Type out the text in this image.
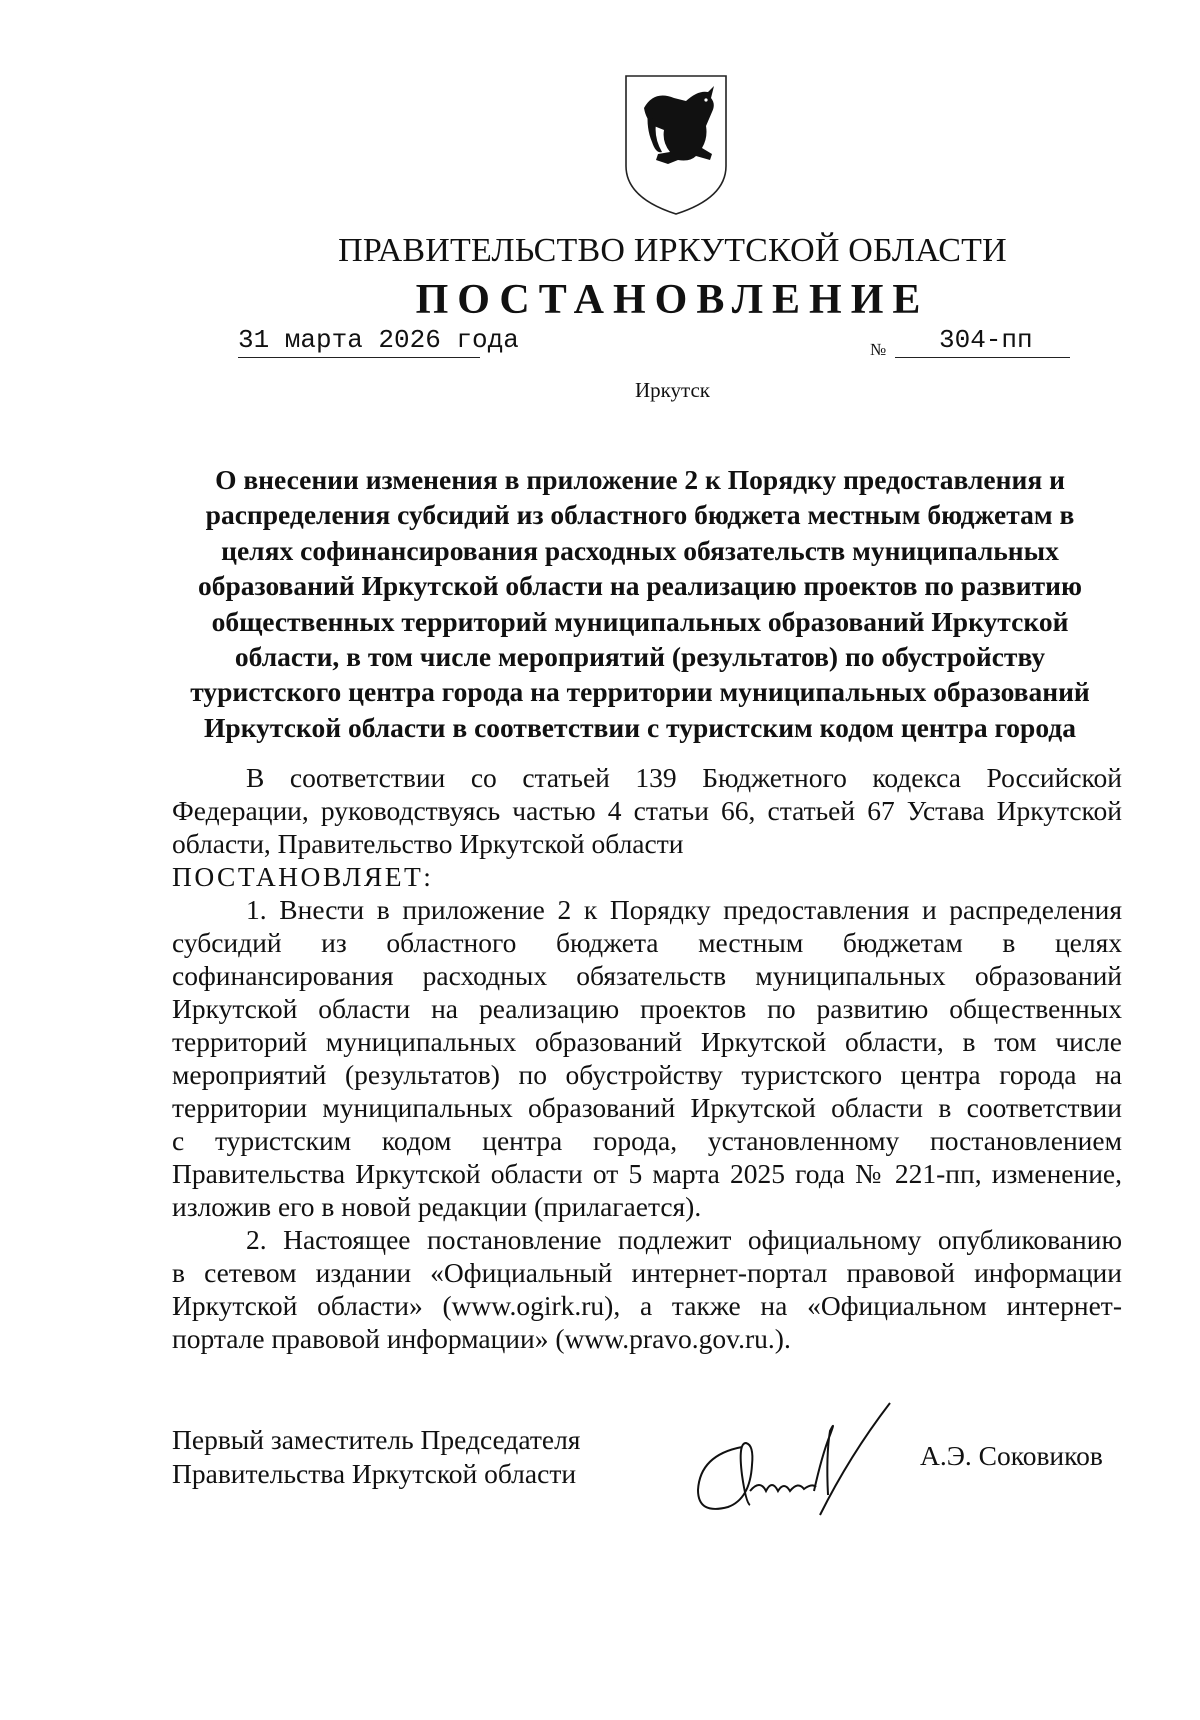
ПРАВИТЕЛЬСТВО ИРКУТСКОЙ ОБЛАСТИ
ПОСТАНОВЛЕНИЕ
31 марта 2026 года	№	304-пп
Иркутск
О внесении изменения в приложение 2 к Порядку предоставления и
распределения субсидий из областного бюджета местным бюджетам в
целях софинансирования расходных обязательств муниципальных
образований Иркутской области на реализацию проектов по развитию
общественных территорий муниципальных образований Иркутской
области, в том числе мероприятий (результатов) по обустройству
туристского центра города на территории муниципальных образований
Иркутской области в соответствии с туристским кодом центра города
В соответствии со статьей 139 Бюджетного кодекса Российской
Федерации, руководствуясь частью 4 статьи 66, статьей 67 Устава Иркутской
области, Правительство Иркутской области
ПОСТАНОВЛЯЕТ:
1. Внести в приложение 2 к Порядку предоставления и распределения
субсидий из областного бюджета местным бюджетам в целях
софинансирования расходных обязательств муниципальных образований
Иркутской области на реализацию проектов по развитию общественных
территорий муниципальных образований Иркутской области, в том числе
мероприятий (результатов) по обустройству туристского центра города на
территории муниципальных образований Иркутской области в соответствии
с туристским кодом центра города, установленному постановлением
Правительства Иркутской области от 5 марта 2025 года № 221-пп, изменение,
изложив его в новой редакции (прилагается).
2. Настоящее постановление подлежит официальному опубликованию
в сетевом издании «Официальный интернет-портал правовой информации
Иркутской области» (www.ogirk.ru), а также на «Официальном интернет-
портале правовой информации» (www.pravo.gov.ru.).
Первый заместитель Председателя
Правительства Иркутской области
А.Э. Соковиков
